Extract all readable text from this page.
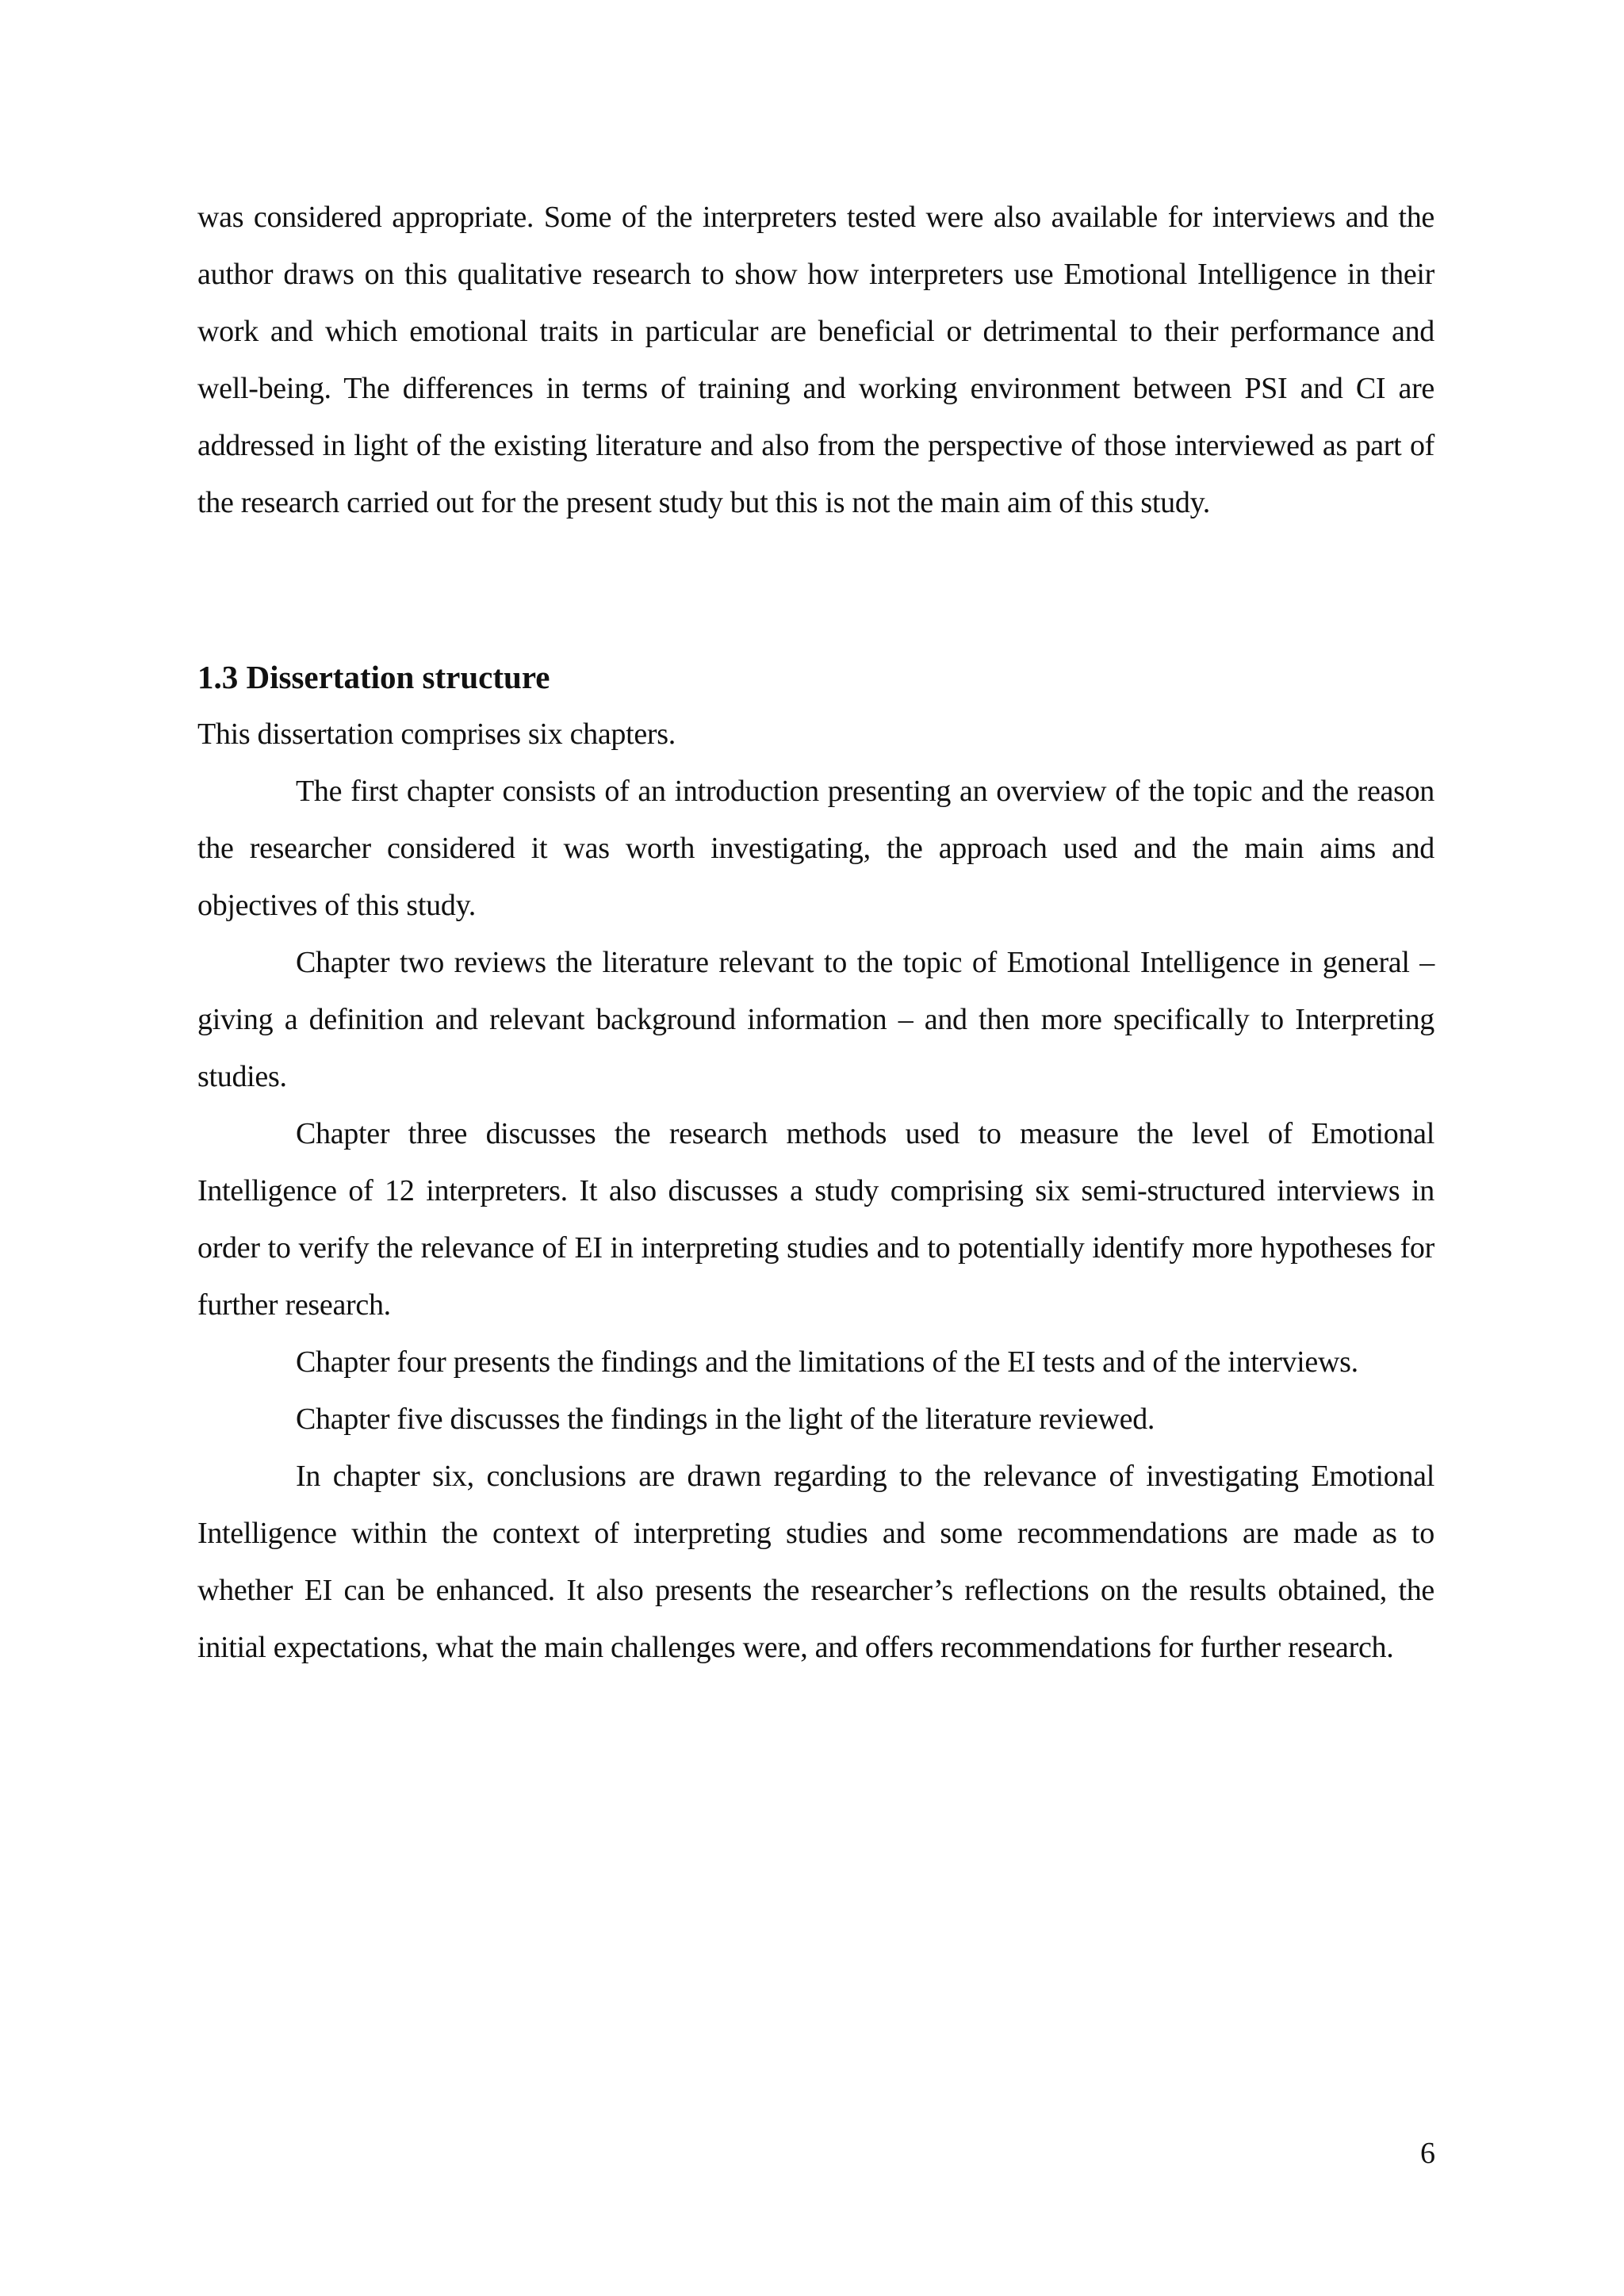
was considered appropriate. Some of the interpreters tested were also available for interviews and the author draws on this qualitative research to show how interpreters use Emotional Intelligence in their work and which emotional traits in particular are beneficial or detrimental to their performance and well-being. The differences in terms of training and working environment between PSI and CI are addressed in light of the existing literature and also from the perspective of those interviewed as part of the research carried out for the present study but this is not the main aim of this study.

1.3 Dissertation structure

This dissertation comprises six chapters.

The first chapter consists of an introduction presenting an overview of the topic and the reason the researcher considered it was worth investigating, the approach used and the main aims and objectives of this study.

Chapter two reviews the literature relevant to the topic of Emotional Intelligence in general – giving a definition and relevant background information – and then more specifically to Interpreting studies.

Chapter three discusses the research methods used to measure the level of Emotional Intelligence of 12 interpreters. It also discusses a study comprising six semi-structured interviews in order to verify the relevance of EI in interpreting studies and to potentially identify more hypotheses for further research.

Chapter four presents the findings and the limitations of the EI tests and of the interviews.

Chapter five discusses the findings in the light of the literature reviewed.

In chapter six, conclusions are drawn regarding to the relevance of investigating Emotional Intelligence within the context of interpreting studies and some recommendations are made as to whether EI can be enhanced. It also presents the researcher’s reflections on the results obtained, the initial expectations, what the main challenges were, and offers recommendations for further research.

6
